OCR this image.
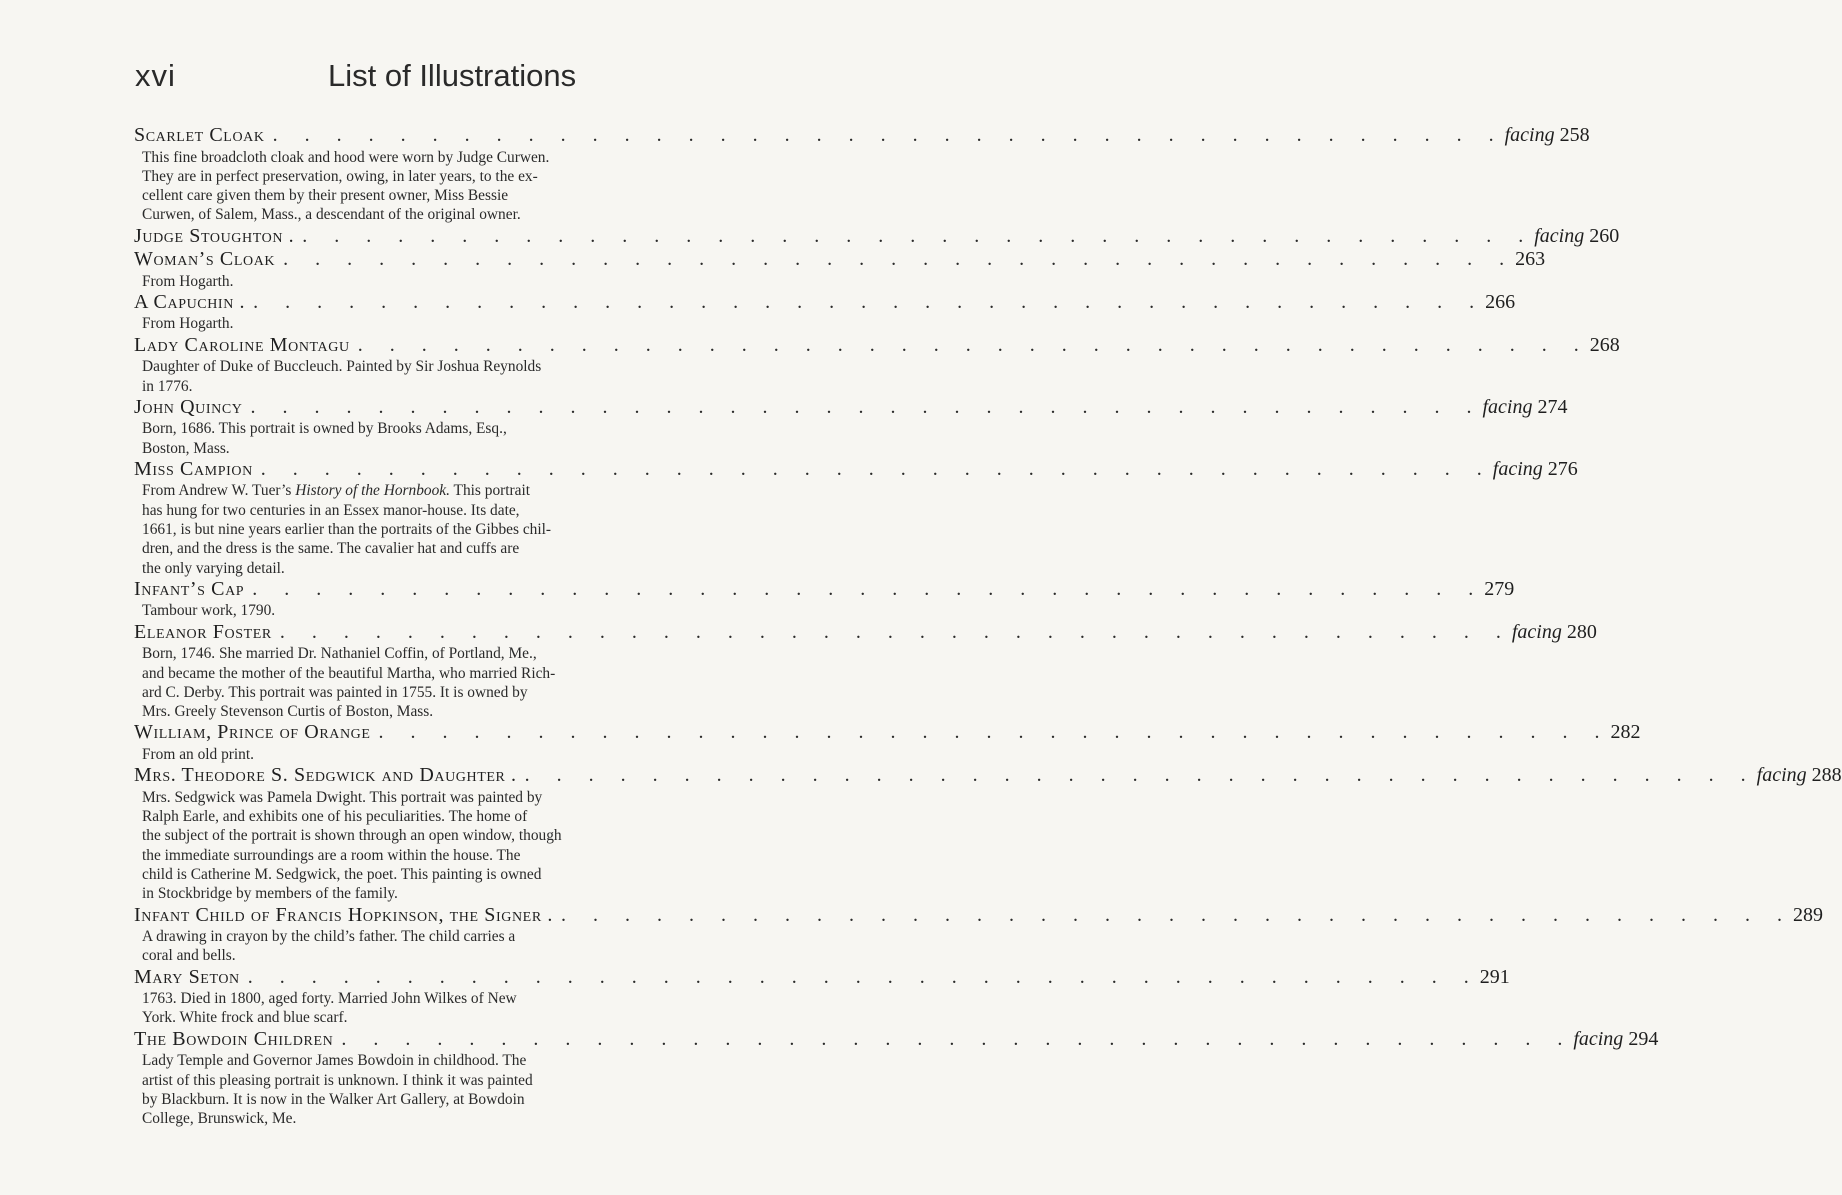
xvi	List of Illustrations
Scarlet Cloak . . . . . . . . . . . . . . . . . . . . . . . . . . . . . . . . . . . . . . . facing 258
This fine broadcloth cloak and hood were worn by Judge Curwen.
They are in perfect preservation, owing, in later years, to the ex-
cellent care given them by their present owner, Miss Bessie
Curwen, of Salem, Mass., a descendant of the original owner.
Judge Stoughton . . . . . . . . . . . . . . . . . . . . . . . . . . . . . . . . . . . . . . . . facing 260
Woman’s Cloak . . . . . . . . . . . . . . . . . . . . . . . . . . . . . . . . . . . . . . . 263
From Hogarth.
A Capuchin . . . . . . . . . . . . . . . . . . . . . . . . . . . . . . . . . . . . . . . . 266
From Hogarth.
Lady Caroline Montagu . . . . . . . . . . . . . . . . . . . . . . . . . . . . . . . . . . . . . . . 268
Daughter of Duke of Buccleuch. Painted by Sir Joshua Reynolds
in 1776.
John Quincy . . . . . . . . . . . . . . . . . . . . . . . . . . . . . . . . . . . . . . . facing 274
Born, 1686. This portrait is owned by Brooks Adams, Esq.,
Boston, Mass.
Miss Campion . . . . . . . . . . . . . . . . . . . . . . . . . . . . . . . . . . . . . . . facing 276
From Andrew W. Tuer’s History of the Hornbook. This portrait
has hung for two centuries in an Essex manor-house. Its date,
1661, is but nine years earlier than the portraits of the Gibbes chil-
dren, and the dress is the same. The cavalier hat and cuffs are
the only varying detail.
Infant’s Cap . . . . . . . . . . . . . . . . . . . . . . . . . . . . . . . . . . . . . . . 279
Tambour work, 1790.
Eleanor Foster . . . . . . . . . . . . . . . . . . . . . . . . . . . . . . . . . . . . . . . facing 280
Born, 1746. She married Dr. Nathaniel Coffin, of Portland, Me.,
and became the mother of the beautiful Martha, who married Rich-
ard C. Derby. This portrait was painted in 1755. It is owned by
Mrs. Greely Stevenson Curtis of Boston, Mass.
William, Prince of Orange . . . . . . . . . . . . . . . . . . . . . . . . . . . . . . . . . . . . . . . 282
From an old print.
Mrs. Theodore S. Sedgwick and Daughter . . . . . . . . . . . . . . . . . . . . . . . . . . . . . . . . . . . . . . . . facing 288
Mrs. Sedgwick was Pamela Dwight. This portrait was painted by
Ralph Earle, and exhibits one of his peculiarities. The home of
the subject of the portrait is shown through an open window, though
the immediate surroundings are a room within the house. The
child is Catherine M. Sedgwick, the poet. This painting is owned
in Stockbridge by members of the family.
Infant Child of Francis Hopkinson, the Signer . . . . . . . . . . . . . . . . . . . . . . . . . . . . . . . . . . . . . . . . 289
A drawing in crayon by the child’s father. The child carries a
coral and bells.
Mary Seton . . . . . . . . . . . . . . . . . . . . . . . . . . . . . . . . . . . . . . . 291
1763. Died in 1800, aged forty. Married John Wilkes of New
York. White frock and blue scarf.
The Bowdoin Children . . . . . . . . . . . . . . . . . . . . . . . . . . . . . . . . . . . . . . . facing 294
Lady Temple and Governor James Bowdoin in childhood. The
artist of this pleasing portrait is unknown. I think it was painted
by Blackburn. It is now in the Walker Art Gallery, at Bowdoin
College, Brunswick, Me.
